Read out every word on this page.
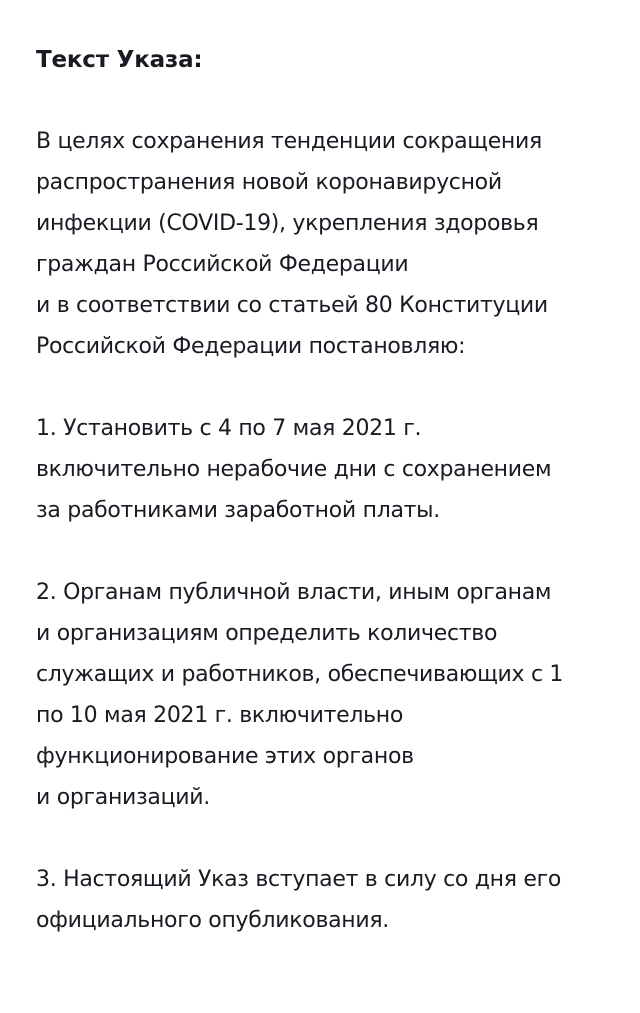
Текст Указа:
В целях сохранения тенденции сокращения
распространения новой коронавирусной
инфекции (COVID-19), укрепления здоровья
граждан Российской Федерации
и в соответствии со статьей 80 Конституции
Российской Федерации постановляю:
1. Установить с 4 по 7 мая 2021 г.
включительно нерабочие дни с сохранением
за работниками заработной платы.
2. Органам публичной власти, иным органам
и организациям определить количество
служащих и работников, обеспечивающих с 1
по 10 мая 2021 г. включительно
функционирование этих органов
и организаций.
3. Настоящий Указ вступает в силу со дня его
официального опубликования.
